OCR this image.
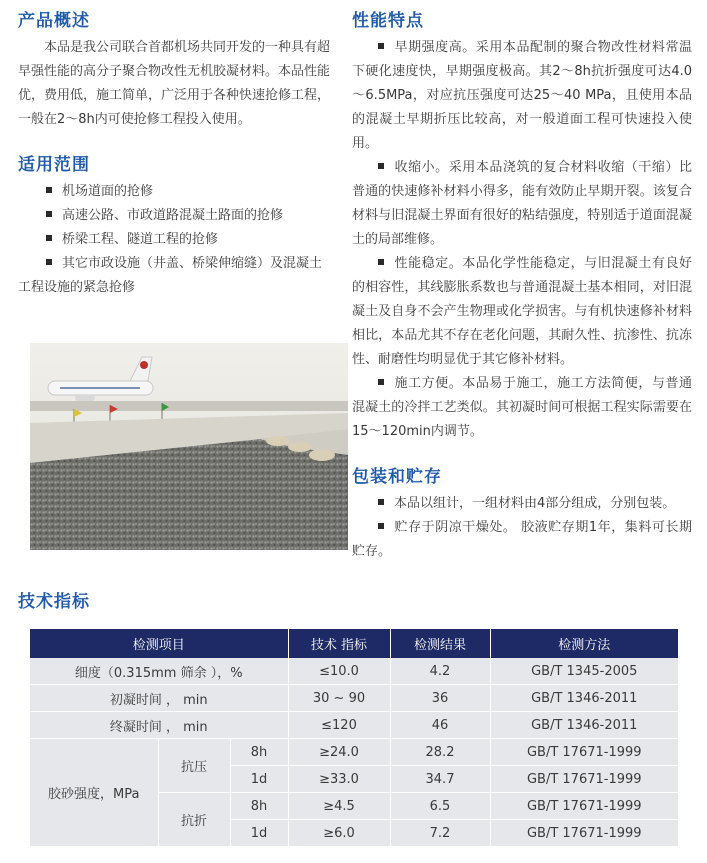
产品概述

本品是我公司联合首都机场共同开发的一种具有超早强性能的高分子聚合物改性无机胶凝材料。本品性能优，费用低，施工简单，广泛用于各种快速抢修工程，一般在2～8h内可使抢修工程投入使用。

适用范围
机场道面的抢修
高速公路、市政道路混凝土路面的抢修
桥梁工程、隧道工程的抢修
其它市政设施（井盖、桥梁伸缩缝）及混凝土工程设施的紧急抢修
性能特点
早期强度高。采用本品配制的聚合物改性材料常温下硬化速度快，早期强度极高。其2～8h抗折强度可达4.0～6.5MPa，对应抗压强度可达25～40 MPa，且使用本品的混凝土早期折压比较高，对一般道面工程可快速投入使用。
收缩小。采用本品浇筑的复合材料收缩（干缩）比普通的快速修补材料小得多，能有效防止早期开裂。该复合材料与旧混凝土界面有很好的粘结强度，特别适于道面混凝土的局部维修。
性能稳定。本品化学性能稳定，与旧混凝土有良好的相容性，其线膨胀系数也与普通混凝土基本相同，对旧混凝土及自身不会产生物理或化学损害。与有机快速修补材料相比，本品尤其不存在老化问题，其耐久性、抗渗性、抗冻性、耐磨性均明显优于其它修补材料。
施工方便。本品易于施工，施工方法简便，与普通混凝土的冷拌工艺类似。其初凝时间可根据工程实际需要在15～120min内调节。
包装和贮存
本品以组计，一组材料由4部分组成，分别包装。
贮存于阴凉干燥处。 胶液贮存期1年，集料可长期贮存。
技术指标
检测项目			技术 指标	检测结果	检测方法
细度（0.315mm 筛余 ），%			≤10.0	4.2	GB/T 1345-2005
初凝时间 ， min			30 ~ 90	36	GB/T 1346-2011
终凝时间 ， min			≤120	46	GB/T 1346-2011
胶砂强度，MPa	抗压	8h	≥24.0	28.2	GB/T 17671-1999
		1d	≥33.0	34.7	GB/T 17671-1999
	抗折	8h	≥4.5	6.5	GB/T 17671-1999
		1d	≥6.0	7.2	GB/T 17671-1999
